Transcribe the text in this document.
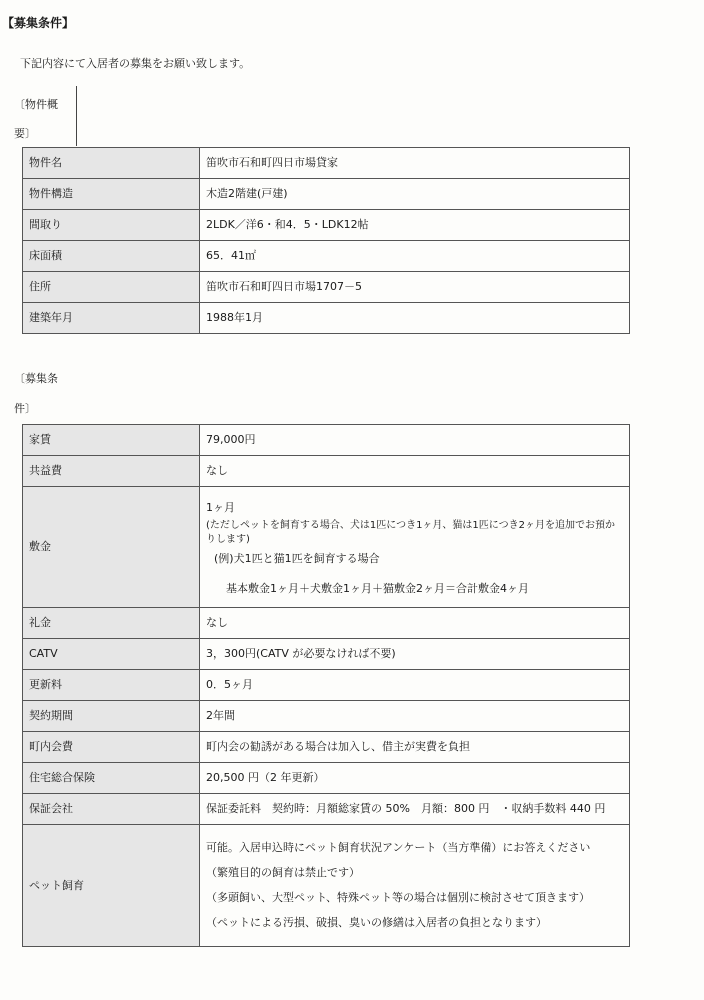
【募集条件】
下記内容にて入居者の募集をお願い致します。
〔物件概
要〕
物件名	笛吹市石和町四日市場貸家
物件構造	木造2階建(戸建)
間取り	2LDK／洋6・和4．5・LDK12帖
床面積	65．41㎡
住所	笛吹市石和町四日市場1707－5
建築年月	1988年1月
〔募集条
件〕
家賃	79,000円
共益費	なし
敷金	1ヶ月
(ただしペットを飼育する場合、犬は1匹につき1ヶ月、猫は1匹につき2ヶ月を追加でお預かりします)
(例)犬1匹と猫1匹を飼育する場合
基本敷金1ヶ月＋犬敷金1ヶ月＋猫敷金2ヶ月＝合計敷金4ヶ月

礼金	なし
CATV	3，300円(CATV が必要なければ不要)
更新料	0．5ヶ月
契約期間	2年間
町内会費	町内会の勧誘がある場合は加入し、借主が実費を負担
住宅総合保険	20,500 円（2 年更新）
保証会社	保証委託料　契約時：月額総家賃の 50%　月額：800 円　・収納手数料 440 円
ペット飼育	可能。入居申込時にペット飼育状況アンケート（当方準備）にお答えください
（繁殖目的の飼育は禁止です）
（多頭飼い、大型ペット、特殊ペット等の場合は個別に検討させて頂きます）
（ペットによる汚損、破損、臭いの修繕は入居者の負担となります）
